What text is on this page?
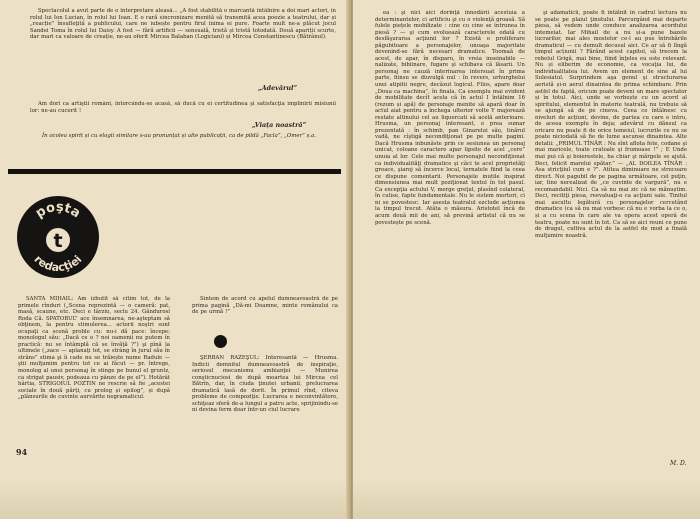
Spectacolul a avut parte de o interpretare aleasă... „A fost stabilită o marcantă întâlnire a doi mari actori, în rolul lui Ion Lucian, în rolul lui Ioan. E o rară sincronizare menită să transmită acea poezie a teatrului, dar și „reacție” însufleţită a publicului, care ne iubește pentru firul inima ei pure. Foarte mult ne-a plăcut jocul Sandei Toma în rolul lui Daisy. A fost — fără artificii — sensuală, tristă și tristă totodată. Două apariții scurte, dar mari ca valoare de creație, ne-au oferit Mircea Balaban (Logiciani) și Mircea Constantinescu (Bătrânul).

„Adevărul”

Am dori ca artiştii români, întorcându-se acasă, să ducă cu ei certitudinea şi satisfacţia împlinirii misiunii lor: ne-au cucerit !

„Viața noastră”
În ocolea spirit și cu elogii similare s-au pronunțat și alte publicații, ca de pildă „Facla”, „Omer” ș.a.
poşta
t
redacţiei

SANTA MIHAIL: Am izbutit să citim tot, de la primele rînduri („Scena reprezintă — o cameră: pat, masă, scaune, etc. Deci e târziu, seclu 24. Gândurosl Roda Că. SPATOBUL” ace însemnarea, ne-aşteptam să obţinem, la pentru stimulerea... actorii noştri sunt ocupaţi ca scenă proble cu: nu-i dă pace: începe; monologul său: „Dacă ce o ? noi oamenii nu putem în practică: nu se întâmplă că se învăţă ?”) şi pînă la ultimele („zace — aplanaţi tot, se strâng în jurul său în strâns” stima şi îi cade nu se trăiește nume Radule — ştii mulţumim pentru tot ce ai făcut — pr. întrege, monolog al unui personaj în stinge pe bunul el gruntz, ca strigat pausiv, podeaua cu pânze de pe el”). Hotărât hârtia, STRIGOIUL POZTIN ne rescrie să fie „acestei sociale în două părți, cu prolog și epilog”, și după „plânsurile de cuvinte aurvărite negramaticul.

Sintem de acord cu apelul dumneavoastră de pe prima pagină „Dă-mi Doamne, minte românului ca de pe urmă !”

ŞERBAN RĂZEŞUL: Interesantă — Hrusma. Indicii demnitul dumneavoastră de inspiraţie, seriosul mecanismu ambianţei — Munirea conşticnuciosi de după moartea lui Mircea cel Bătrîn, dar, în ciuda ţinutei urbanii, prelucrarea dramatică lasă de dorit. În primul rînd, citeva probleme de compoziţie. Lucrarea e neconvintătore, schiţeaz sferă de-a lungul a patru acte, sprijinindu-se ni devina ferm doar într-un ciul lucrare

94

ea : şi nici aici dorinţă înnodării acestuia a determinantelor, ci artificiu şi cu o violenţă groasă. Să fulele piețele mobilizate : cine cu cine se întrunea în piesă ? — şi cum evoluează caracterele odată cu desfăşurarea acţiunii lor ? Există o proliferare păgubitoare a personajelor, unoaşa majoritate devenind-se fără necesari dramatice. Toomaă de acest, de apar, în disparu, în vreia inseinabile — nalizate, bibiinare, fugare şi schibava că lăsarii. Un personaj ne cauză interinarea intersuat în prima parte, fiinsu se diuvulgă nul : în revers, urhurghelui unei atipitii negre, decăzut logicul. Filos, apare doar „Doua ca machina”, în finala. Ca exemplu mai evident de mobilitate decît acela că în actul I întâlnim 16 (rezum și apă) de personaje menite să apară doar în actul aiat pentru a închega ulterior volte Y majorează restate altinului cel au liquercati să acelă anterioare. Hrusma, un personaj interesant, e prea sumar prezentată : în schimb, pan Ginarelui său, tinărul vadă, ne cîştigă necondiţionat pe pe multe pagini. Dacă Hrusma inbunăste prin ce sesiunea un personaj unicat, coloane caractere apar lipsite de acel „cere” unuia al lor. Cele mai multe personajul necondiţionat ca individualităţi dramatice şi căci te acel proprietăţi groace, şiaroj să încerce local, ternatele fiind la ceea ce dispune comentarii. Personajele inutile inspirat dimensiunea mai mult poziţionat textul în tot pasul. Ca excepţia actului V, merge greţul, plasînd colateral, în culise, fapte fundamentale. Nu le sistem mortori, ci ni se povestesc. Iar asesta teatralul ezclude acţiunea la timpul trecut. Atâta o măsura. Aristotel încă de acum două mii de ani, să prevină artistul că nu se povestește pe scenă.

şi adamaticii, poate fi întâlnit în cadrul lectura nu se poate pe plaiul ţinutului. Parcurgând mai departe piesa, să vedem unde conduce analizarea acordului intemeiat. Iar Mihail de a nu și-a pune bazele lucrarilor, mai ales mostelor ce-l au pus întrebările dramaticul — cu demult decusul aici. Ce ar să fi lîngă timpul acțiunii ? Fărănd acest capitol, să trecem la rebelul Grigă, mai bine, fiind înţeles eu este relevant. Nu și eliberim de economie, ca vocaţia lui, de individualitatea lui. Avem un element de sine al lui Sulesiatul. Surprindem aşa genul şi structurarea aeristă și-n aerul dinaintea de prima schimbare. Prin astfel de faptă, oricum poate deveni un mare spectator și în totul. Aici, unde se vorbește cu un acord al spiritului, elementul în materie teatrală, nu trebuie să se ajungă să de pe cineva. Ceea ce întâlnesc cu niveluri de acțiuni, devine, de partea cu care e intru, de aceea exemplu în deja; adevărul cu dănsul ca oricare nu poate fi de orice temeiul, lucrurile ce nu se poate niciodată să fie de lume ascunse dinaintea. Alte detalii: „PRIMUL TÎNĂR : Nu sînt aflota fete, codane şi mai maricele, toate cratoale şi frumoase !” ; E Unde mai pui că şi boierestele, ba chiar şi mărgele se ajută. Deci, felicit marelui spătar.” — „AL DOILEA TÎNĂR : Asa stricţiiul cum e ?”. Atîtea diminuare ne strecoare direct. Noi pagubil de pe pagina următoare, cel puţin, iar, tine nerealizat de „ce cuvinte de vargură”, nu e recomandabil. Nici. Ca să nu mai zic că ne mănuștim. Deci, recitiţi piesa, reevaluaţi-o ca acţiuni sale. Tinitul mai ascultu legătură cu personajelor cercetând dramatice (ca să nu mai vorbesc că nu e vorba la ce o, și a cu scena în care ale va opera acest operă de teatru, poate nu sunt în tot. Ca să se aici reuni ce pune de dragul, cultiva actul de la astfel de mod a finală mulţumire noastră.

M. D.
